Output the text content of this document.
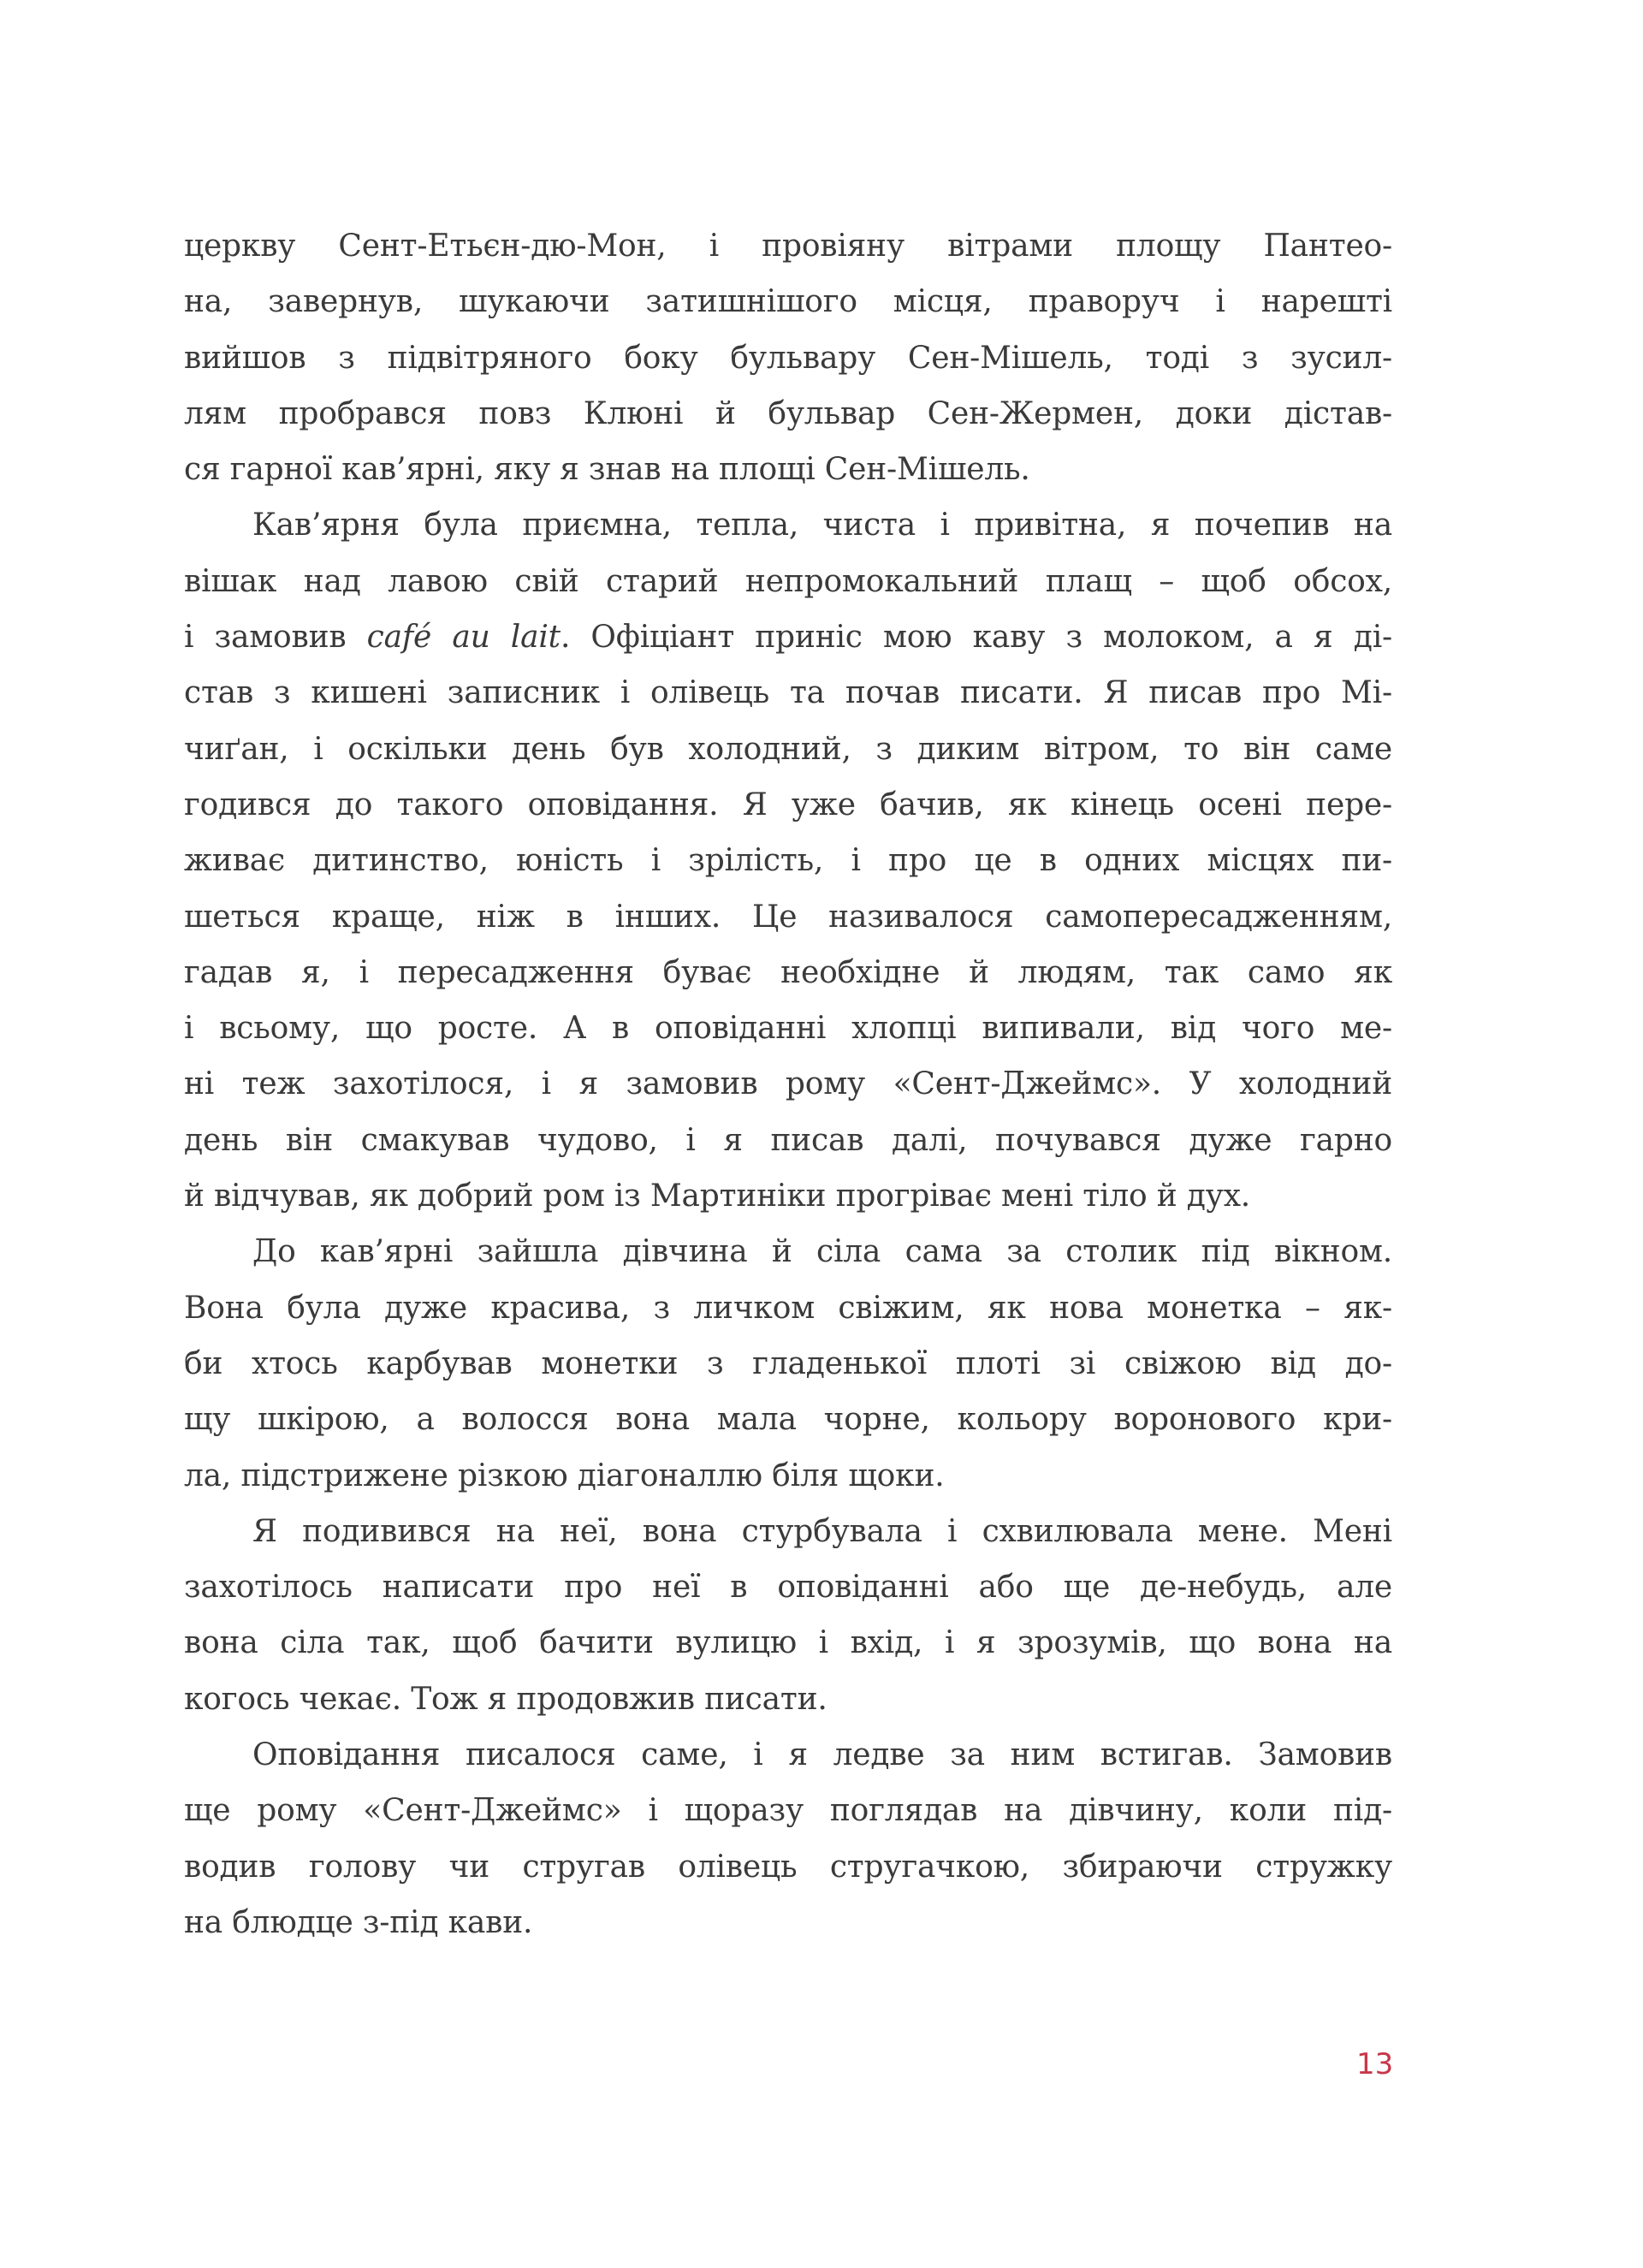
церкву Сент-Етьєн-дю-Мон, і провіяну вітрами площу Пантео-
на, завернув, шукаючи затишнішого місця, праворуч і нарешті
вийшов з підвітряного боку бульвару Сен-Мішель, тоді з зусил-
лям пробрався повз Клюні й бульвар Сен-Жермен, доки дістав-
ся гарної кав’ярні, яку я знав на площі Сен-Мішель.
Кав’ярня була приємна, тепла, чиста і привітна, я почепив на
вішак над лавою свій старий непромокальний плащ – щоб обсох,
і замовив café au lait. Офіціант приніс мою каву з молоком, а я ді-
став з кишені записник і олівець та почав писати. Я писав про Мі-
чиґан, і оскільки день був холодний, з диким вітром, то він саме
годився до такого оповідання. Я уже бачив, як кінець осені пере-
живає дитинство, юність і зрілість, і про це в одних місцях пи-
шеться краще, ніж в інших. Це називалося самопересадженням,
гадав я, і пересадження буває необхідне й людям, так само як
і всьому, що росте. А в оповіданні хлопці випивали, від чого ме-
ні теж захотілося, і я замовив рому «Сент-Джеймс». У холодний
день він смакував чудово, і я писав далі, почувався дуже гарно
й відчував, як добрий ром із Мартиніки прогріває мені тіло й дух.
До кав’ярні зайшла дівчина й сіла сама за столик під вікном.
Вона була дуже красива, з личком свіжим, як нова монетка – як-
би хтось карбував монетки з гладенької плоті зі свіжою від до-
щу шкірою, а волосся вона мала чорне, кольору воронового кри-
ла, підстрижене різкою діагоналлю біля щоки.
Я подивився на неї, вона стурбувала і схвилювала мене. Мені
захотілось написати про неї в оповіданні або ще де-небудь, але
вона сіла так, щоб бачити вулицю і вхід, і я зрозумів, що вона на
когось чекає. Тож я продовжив писати.
Оповідання писалося саме, і я ледве за ним встигав. Замовив
ще рому «Сент-Джеймс» і щоразу поглядав на дівчину, коли під-
водив голову чи стругав олівець стругачкою, збираючи стружку
на блюдце з-під кави.
13
